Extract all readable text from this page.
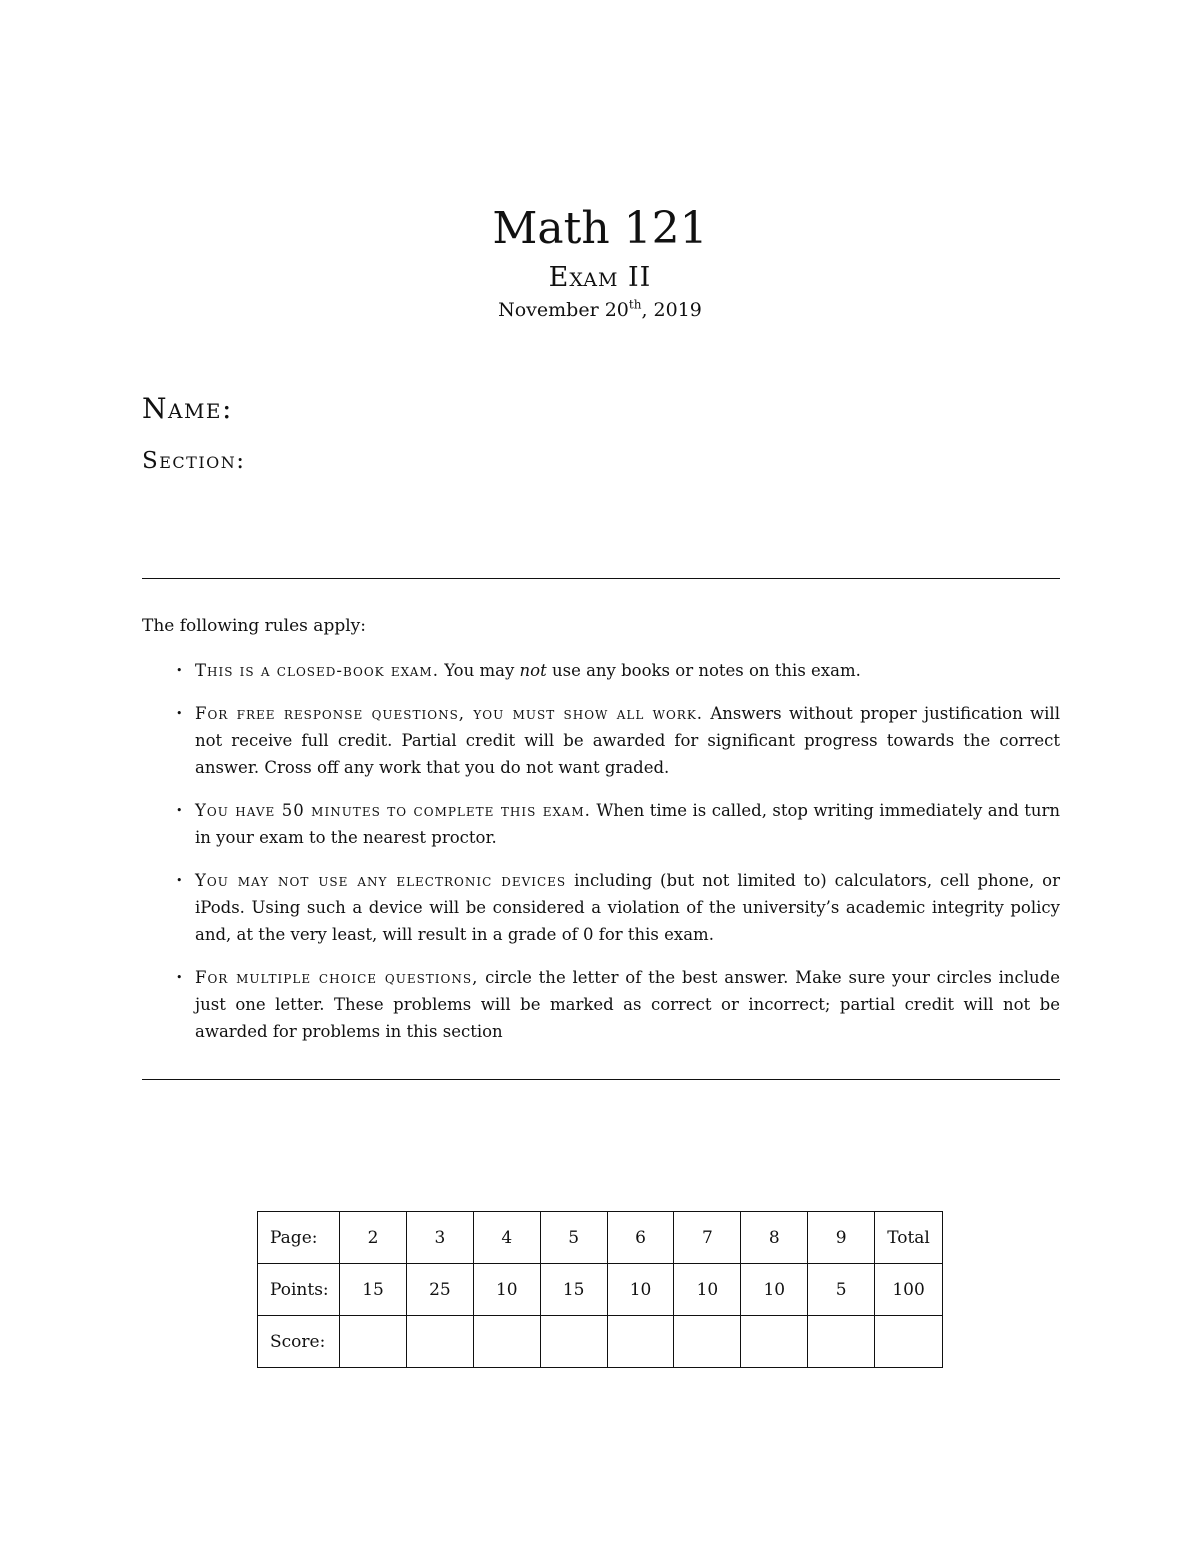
Math 121
Exam II
November 20th, 2019
Name:
Section:
The following rules apply:
• This is a closed-book exam. You may not use any books or notes on this exam.
• For free response questions, you must show all work. Answers without proper justification will not receive full credit. Partial credit will be awarded for significant progress towards the correct answer. Cross off any work that you do not want graded.
• You have 50 minutes to complete this exam. When time is called, stop writing immediately and turn in your exam to the nearest proctor.
• You may not use any electronic devices including (but not limited to) calculators, cell phone, or iPods. Using such a device will be considered a violation of the university’s academic integrity policy and, at the very least, will result in a grade of 0 for this exam.
• For multiple choice questions, circle the letter of the best answer. Make sure your circles include just one letter. These problems will be marked as correct or incorrect; partial credit will not be awarded for problems in this section
Page:	2	3	4	5	6	7	8	9	Total
Points:	15	25	10	15	10	10	10	5	100
Score:									
